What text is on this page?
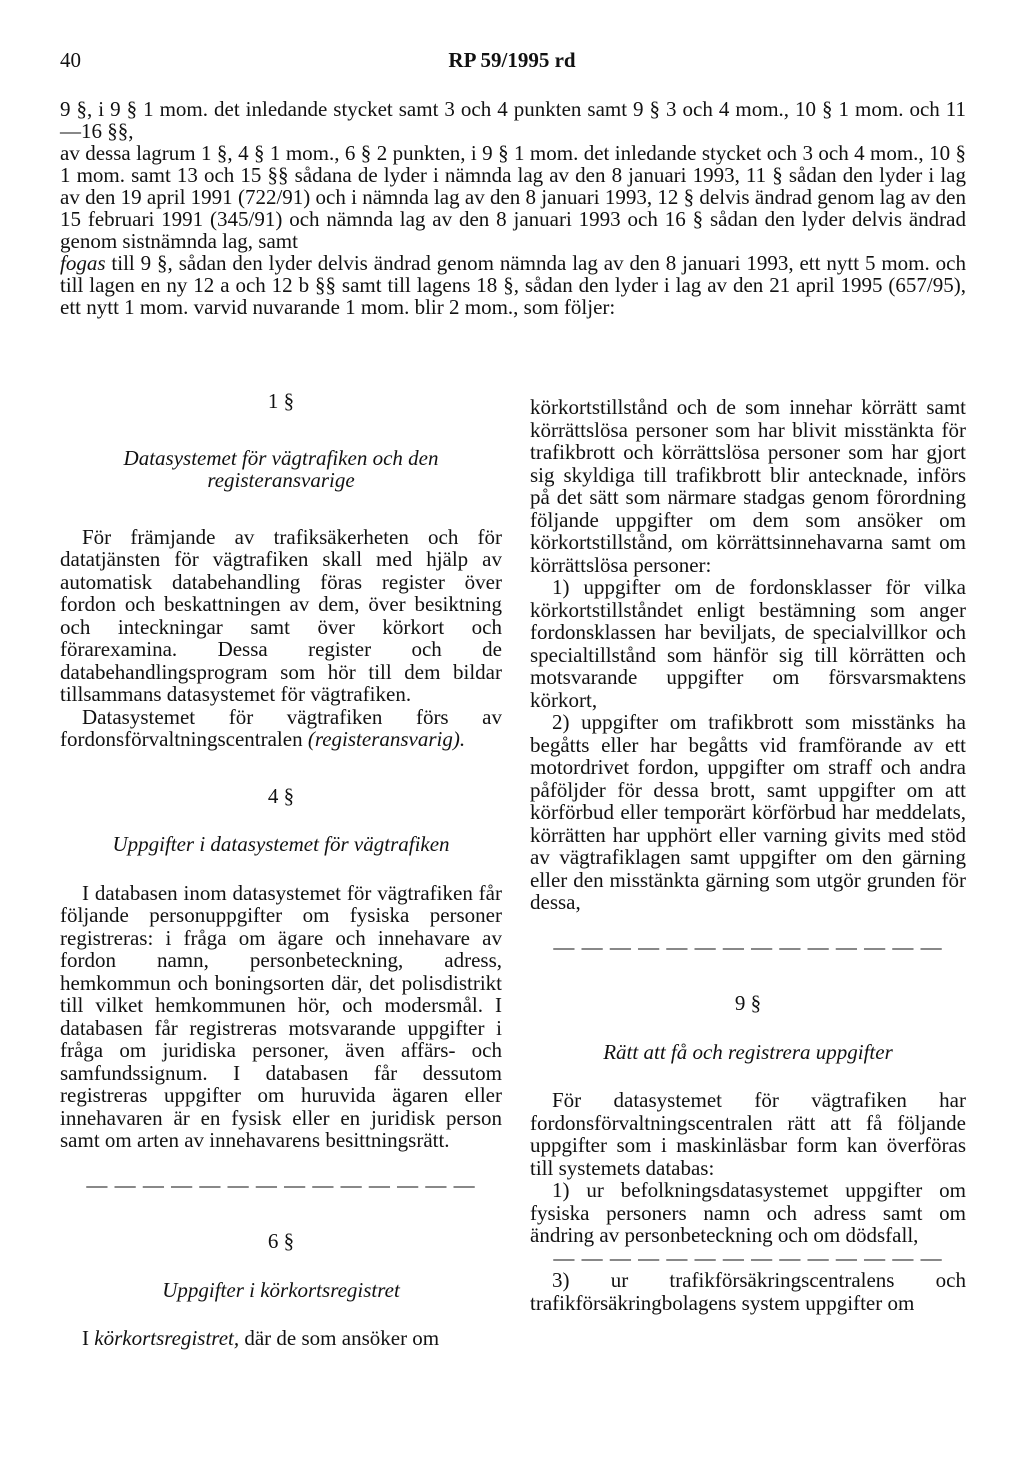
40	RP 59/1995 rd

9 §, i 9 § 1 mom. det inledande stycket samt 3 och 4 punkten samt 9 § 3 och 4 mom., 10 § 1 mom. och 11—16 §§,

av dessa lagrum 1 §, 4 § 1 mom., 6 § 2 punkten, i 9 § 1 mom. det inledande stycket och 3 och 4 mom., 10 § 1 mom. samt 13 och 15 §§ sådana de lyder i nämnda lag av den 8 januari 1993, 11 § sådan den lyder i lag av den 19 april 1991 (722/91) och i nämnda lag av den 8 januari 1993, 12 § delvis ändrad genom lag av den 15 februari 1991 (345/91) och nämnda lag av den 8 januari 1993 och 16 § sådan den lyder delvis ändrad genom sistnämnda lag, samt

fogas till 9 §, sådan den lyder delvis ändrad genom nämnda lag av den 8 januari 1993, ett nytt 5 mom. och till lagen en ny 12 a och 12 b §§ samt till lagens 18 §, sådan den lyder i lag av den 21 april 1995 (657/95), ett nytt 1 mom. varvid nuvarande 1 mom. blir 2 mom., som följer:

1 §

Datasystemet för vägtrafiken och den registeransvarige

För främjande av trafiksäkerheten och för datatjänsten för vägtrafiken skall med hjälp av automatisk databehandling föras register över fordon och beskattningen av dem, över besiktning och inteckningar samt över körkort och förarexamina. Dessa register och de databehandlingsprogram som hör till dem bildar tillsammans datasystemet för vägtrafiken.

Datasystemet för vägtrafiken förs av fordonsförvaltningscentralen (registeransvarig).

4 §

Uppgifter i datasystemet för vägtrafiken

I databasen inom datasystemet för vägtrafiken får följande personuppgifter om fysiska personer registreras: i fråga om ägare och innehavare av fordon namn, personbeteckning, adress, hemkommun och boningsorten där, det polisdistrikt till vilket hemkommunen hör, och modersmål. I databasen får registreras motsvarande uppgifter i fråga om juridiska personer, även affärs- och samfundssignum. I databasen får dessutom registreras uppgifter om huruvida ägaren eller innehavaren är en fysisk eller en juridisk person samt om arten av innehavarens besittningsrätt.

— — — — — — — — — — — — — —

6 §

Uppgifter i körkortsregistret

I körkortsregistret, där de som ansöker om

körkortstillstånd och de som innehar körrätt samt körrättslösa personer som har blivit misstänkta för trafikbrott och körrättslösa personer som har gjort sig skyldiga till trafikbrott blir antecknade, införs på det sätt som närmare stadgas genom förordning följande uppgifter om dem som ansöker om körkortstillstånd, om körrättsinnehavarna samt om körrättslösa personer:

1) uppgifter om de fordonsklasser för vilka körkortstillståndet enligt bestämning som anger fordonsklassen har beviljats, de specialvillkor och specialtillstånd som hänför sig till körrätten och motsvarande uppgifter om försvarsmaktens körkort,

2) uppgifter om trafikbrott som misstänks ha begåtts eller har begåtts vid framförande av ett motordrivet fordon, uppgifter om straff och andra påföljder för dessa brott, samt uppgifter om att körförbud eller temporärt körförbud har meddelats, körrätten har upphört eller varning givits med stöd av vägtrafiklagen samt uppgifter om den gärning eller den misstänkta gärning som utgör grunden för dessa,

— — — — — — — — — — — — — —

9 §

Rätt att få och registrera uppgifter

För datasystemet för vägtrafiken har fordonsförvaltningscentralen rätt att få följande uppgifter som i maskinläsbar form kan överföras till systemets databas:

1) ur befolkningsdatasystemet uppgifter om fysiska personers namn och adress samt om ändring av personbeteckning och om dödsfall,

— — — — — — — — — — — — — —

3) ur trafikförsäkringscentralens och trafikförsäkringbolagens system uppgifter om
